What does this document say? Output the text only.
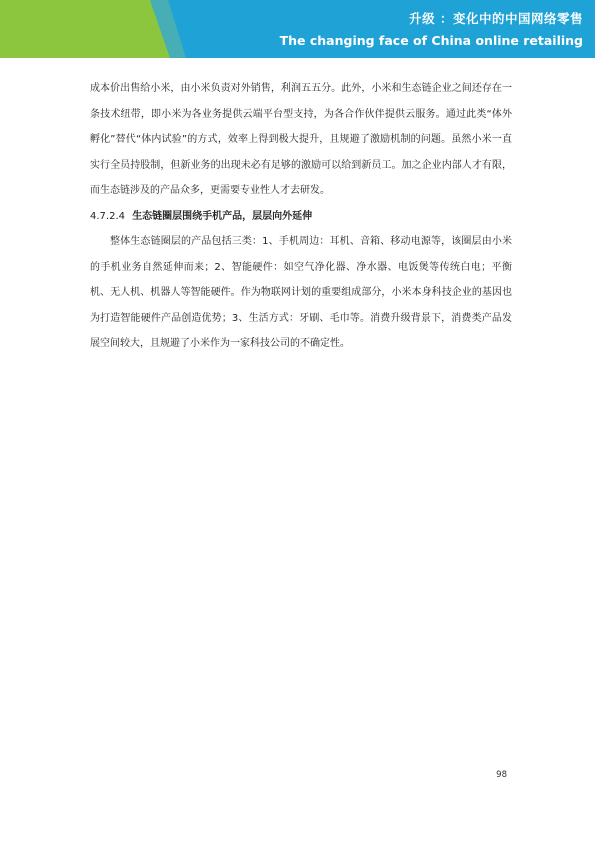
升级 ：变化中的中国网络零售
The changing face of China online retailing

成本价出售给小米，由小米负责对外销售，利润五五分。此外，小米和生态链企业之间还存在一条技术纽带，即小米为各业务提供云端平台型支持，为各合作伙伴提供云服务。通过此类“体外孵化”替代“体内试验”的方式，效率上得到极大提升，且规避了激励机制的问题。虽然小米一直实行全员持股制，但新业务的出现未必有足够的激励可以给到新员工。加之企业内部人才有限，而生态链涉及的产品众多，更需要专业性人才去研发。

4.7.2.4 生态链圈层围绕手机产品，层层向外延伸

整体生态链圈层的产品包括三类：1、手机周边：耳机、音箱、移动电源等，该圈层由小米的手机业务自然延伸而来；2、智能硬件：如空气净化器、净水器、电饭煲等传统白电；平衡机、无人机、机器人等智能硬件。作为物联网计划的重要组成部分，小米本身科技企业的基因也为打造智能硬件产品创造优势；3、生活方式：牙刷、毛巾等。消费升级背景下，消费类产品发展空间较大，且规避了小米作为一家科技公司的不确定性。

98
